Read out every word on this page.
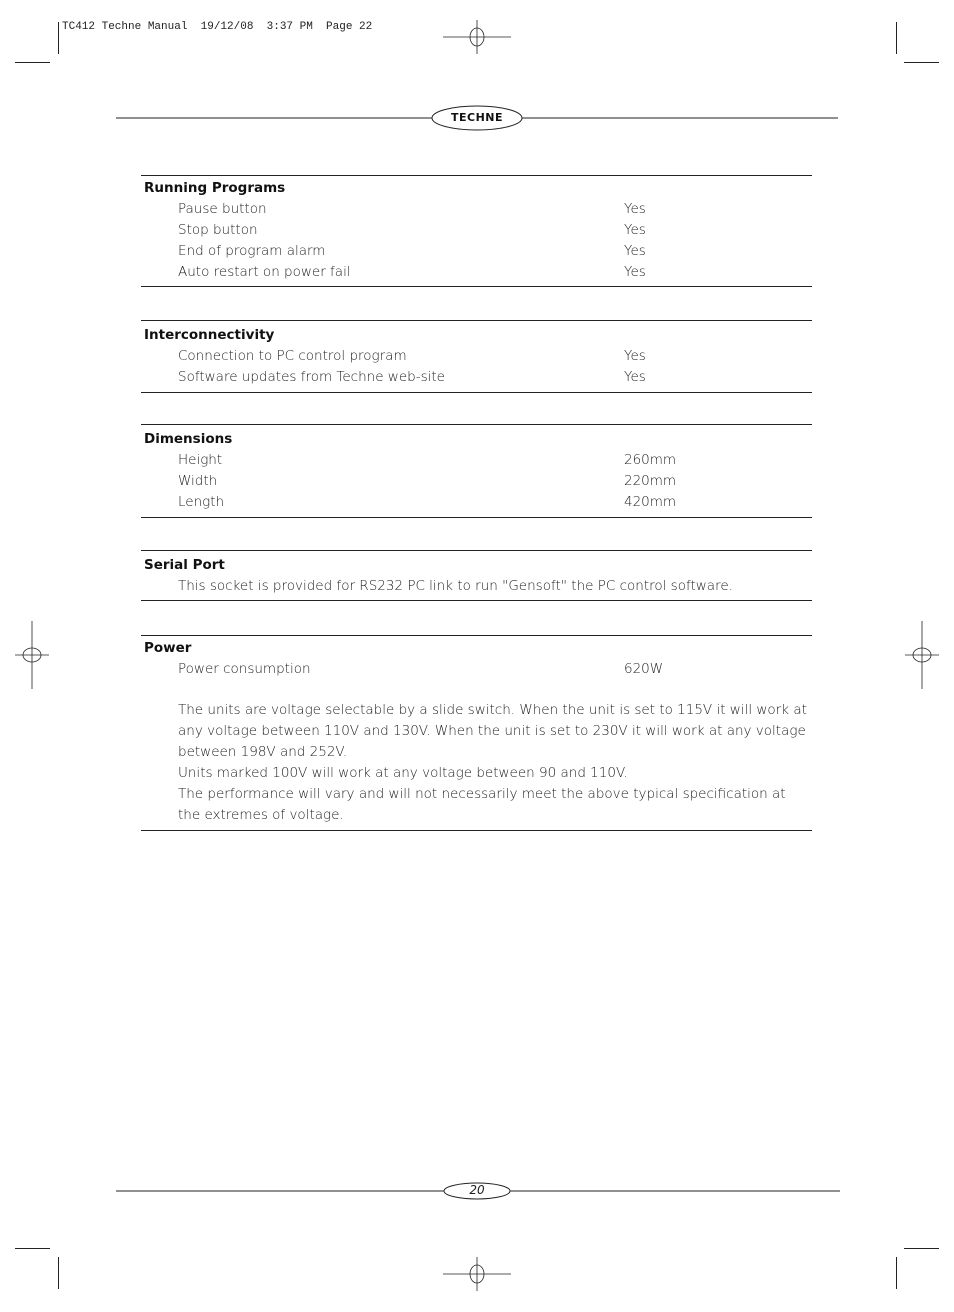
TC412 Techne Manual  19/12/08  3:37 PM  Page 22
TECHNE
20
Running Programs
Pause button	Yes
Stop button	Yes
End of program alarm	Yes
Auto restart on power fail	Yes
Interconnectivity
Connection to PC control program	Yes
Software updates from Techne web-site	Yes
Dimensions
Height	260mm
Width	220mm
Length	420mm
Serial Port
This socket is provided for RS232 PC link to run "Gensoft" the PC control software.
Power
Power consumption	620W
The units are voltage selectable by a slide switch. When the unit is set to 115V it will work at any voltage between 110V and 130V. When the unit is set to 230V it will work at any voltage between 198V and 252V.
Units marked 100V will work at any voltage between 90 and 110V.
The performance will vary and will not necessarily meet the above typical specification at the extremes of voltage.
